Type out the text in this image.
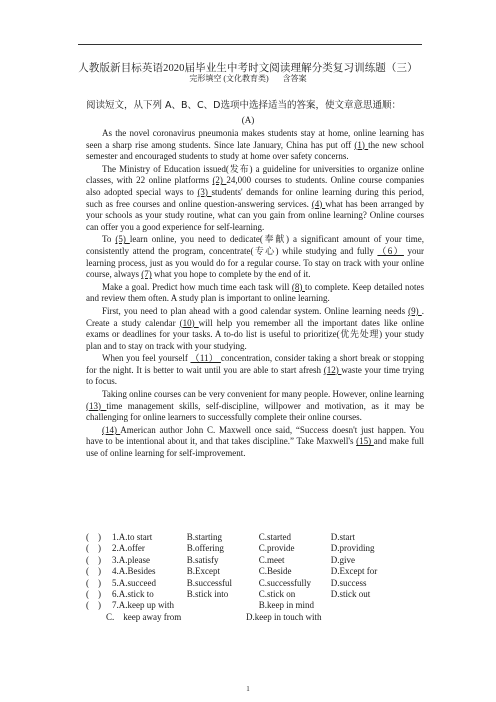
人教版新目标英语2020届毕业生中考时文阅读理解分类复习训练题（三）
完形填空 (文化教育类) 含答案
阅读短文，从下列 A、B、C、D选项中选择适当的答案，使文章意思通顺：
(A)

As the novel coronavirus pneumonia makes students stay at home, online learning has seen a sharp rise among students. Since late January, China has put off (1) the new school semester and encouraged students to study at home over safety concerns.

The Ministry of Education issued(发布) a guideline for universities to organize online classes, with 22 online platforms (2) 24,000 courses to students. Online course companies also adopted special ways to (3) students' demands for online learning during this period, such as free courses and online question-answering services. (4) what has been arranged by your schools as your study routine, what can you gain from online learning? Online courses can offer you a good experience for self-learning.

To (5) learn online, you need to dedicate(奉献) a significant amount of your time, consistently attend the program, concentrate(专心) while studying and fully （6） your learning process, just as you would do for a regular course. To stay on track with your online course, always (7) what you hope to complete by the end of it.

Make a goal. Predict how much time each task will (8) to complete. Keep detailed notes and review them often. A study plan is important to online learning.

First, you need to plan ahead with a good calendar system. Online learning needs (9) . Create a study calendar (10) will help you remember all the important dates like online exams or deadlines for your tasks. A to-do list is useful to prioritize(优先处理) your study plan and to stay on track with your studying.

When you feel yourself （11） concentration, consider taking a short break or stopping for the night. It is better to wait until you are able to start afresh (12) waste your time trying to focus.

Taking online courses can be very convenient for many people. However, online learning (13) time management skills, self-discipline, willpower and motivation, as it may be challenging for online learners to successfully complete their online courses.

(14) American author John C. Maxwell once said, “Success doesn't just happen. You have to be intentional about it, and that takes discipline.” Take Maxwell's (15) and make full use of online learning for self-improvement.

(　)	1. A.to start	B.starting	C.started	D.start
(　)	2. A.offer	B.offering	C.provide	D.providing
(　)	3. A.please	B.satisfy	C.meet	D.give
(　)	4. A.Besides	B.Except	C.Beside	D.Except for
(　)	5. A.succeed	B.successful	C.successfully	D.success
(　)	6. A.stick to	B.stick into	C.stick on	D.stick out
(　)	7. A.keep up with	B.keep in mind
C.　keep away from	D.keep in touch with
1
